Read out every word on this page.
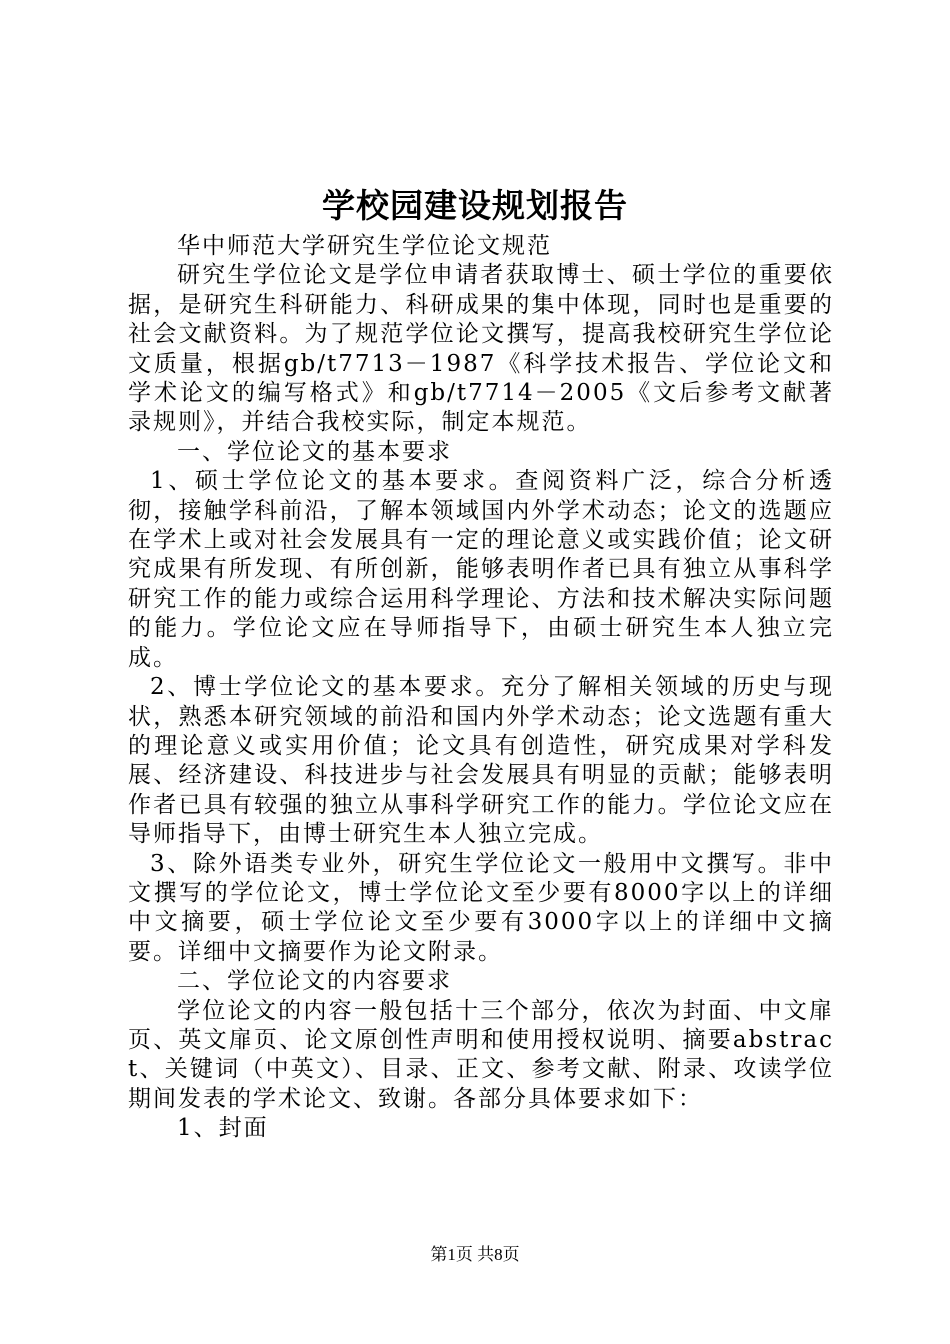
学校园建设规划报告

华中师范大学研究生学位论文规范

研究生学位论文是学位申请者获取博士、硕士学位的重要依据，是研究生科研能力、科研成果的集中体现，同时也是重要的社会文献资料。为了规范学位论文撰写，提高我校研究生学位论文质量，根据gb/t7713－1987《科学技术报告、学位论文和学术论文的编写格式》和gb/t7714－2005《文后参考文献著录规则》，并结合我校实际，制定本规范。

一、学位论文的基本要求

1、硕士学位论文的基本要求。查阅资料广泛，综合分析透彻，接触学科前沿，了解本领域国内外学术动态；论文的选题应在学术上或对社会发展具有一定的理论意义或实践价值；论文研究成果有所发现、有所创新，能够表明作者已具有独立从事科学研究工作的能力或综合运用科学理论、方法和技术解决实际问题的能力。学位论文应在导师指导下，由硕士研究生本人独立完成。

2、博士学位论文的基本要求。充分了解相关领域的历史与现状，熟悉本研究领域的前沿和国内外学术动态；论文选题有重大的理论意义或实用价值；论文具有创造性，研究成果对学科发展、经济建设、科技进步与社会发展具有明显的贡献；能够表明作者已具有较强的独立从事科学研究工作的能力。学位论文应在导师指导下，由博士研究生本人独立完成。

3、除外语类专业外，研究生学位论文一般用中文撰写。非中文撰写的学位论文，博士学位论文至少要有8000字以上的详细中文摘要，硕士学位论文至少要有3000字以上的详细中文摘要。详细中文摘要作为论文附录。

二、学位论文的内容要求

学位论文的内容一般包括十三个部分，依次为封面、中文扉页、英文扉页、论文原创性声明和使用授权说明、摘要abstract、关键词（中英文）、目录、正文、参考文献、附录、攻读学位期间发表的学术论文、致谢。各部分具体要求如下：

1、封面

第1页 共8页
